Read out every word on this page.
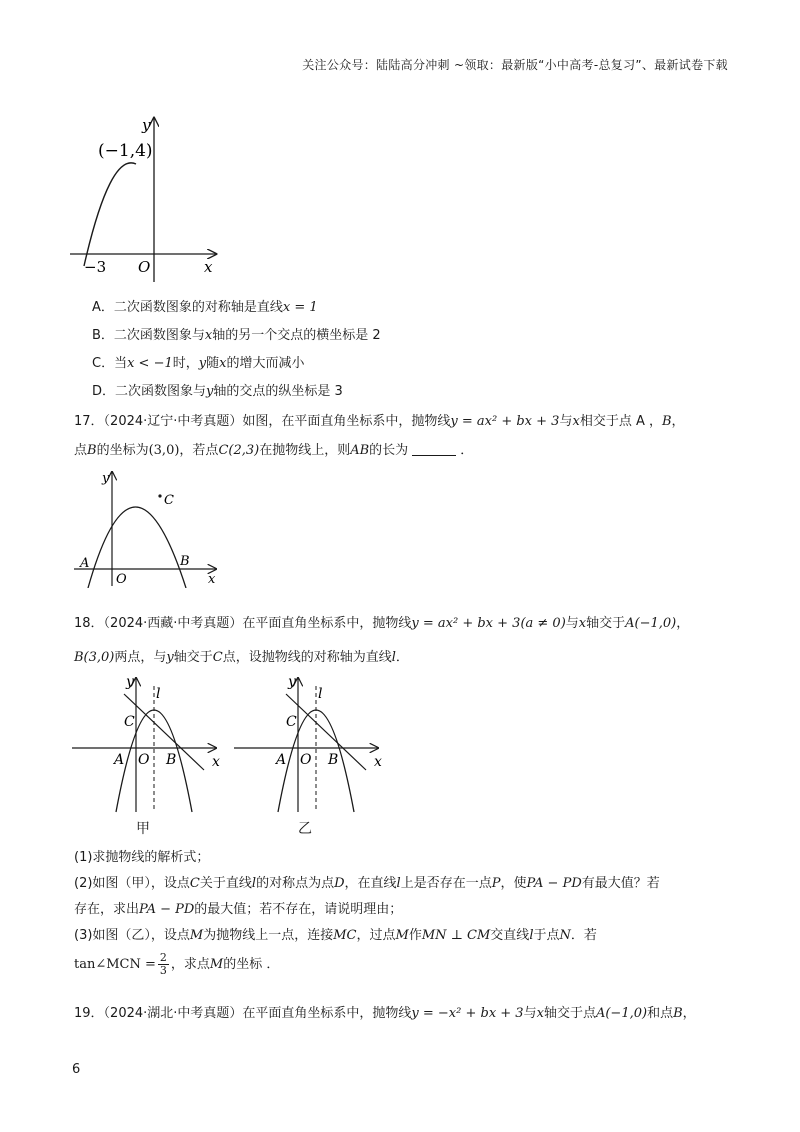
关注公众号：陆陆高分冲刺 ~领取：最新版“小中高考-总复习”、最新试卷下载
(−1,4)
y
x
O
−3
A．二次函数图象的对称轴是直线x = 1
B．二次函数图象与x轴的另一个交点的横坐标是 2
C．当x < −1时，y随x的增大而减小
D．二次函数图象与y轴的交点的纵坐标是 3
17．（2024·辽宁·中考真题）如图，在平面直角坐标系中，抛物线y = ax² + bx + 3与x相交于点 A ，B，
点B的坐标为(3,0)，若点C(2,3)在抛物线上，则AB的长为	．
y
x
O
A	B
C
18．（2024·西藏·中考真题）在平面直角坐标系中，抛物线y = ax² + bx + 3(a ≠ 0)与x轴交于A(−1,0)，
B(3,0)两点，与y轴交于C点，设抛物线的对称轴为直线l．
y
l
C
A O B	x
甲
y
l
C
A O B	x
乙
(1)求抛物线的解析式；
(2)如图（甲），设点C关于直线l的对称点为点D，在直线l上是否存在一点P，使PA − PD有最大值？若
存在，求出PA − PD的最大值；若不存在，请说明理由；
(3)如图（乙），设点M为抛物线上一点，连接MC，过点M作MN ⊥ CM交直线l于点N．若
tan∠MCN = $\frac{2}{3}$ ，求点M的坐标 ．
19．（2024·湖北·中考真题）在平面直角坐标系中，抛物线y = −x² + bx + 3与x轴交于点A(−1,0)和点B，
6
